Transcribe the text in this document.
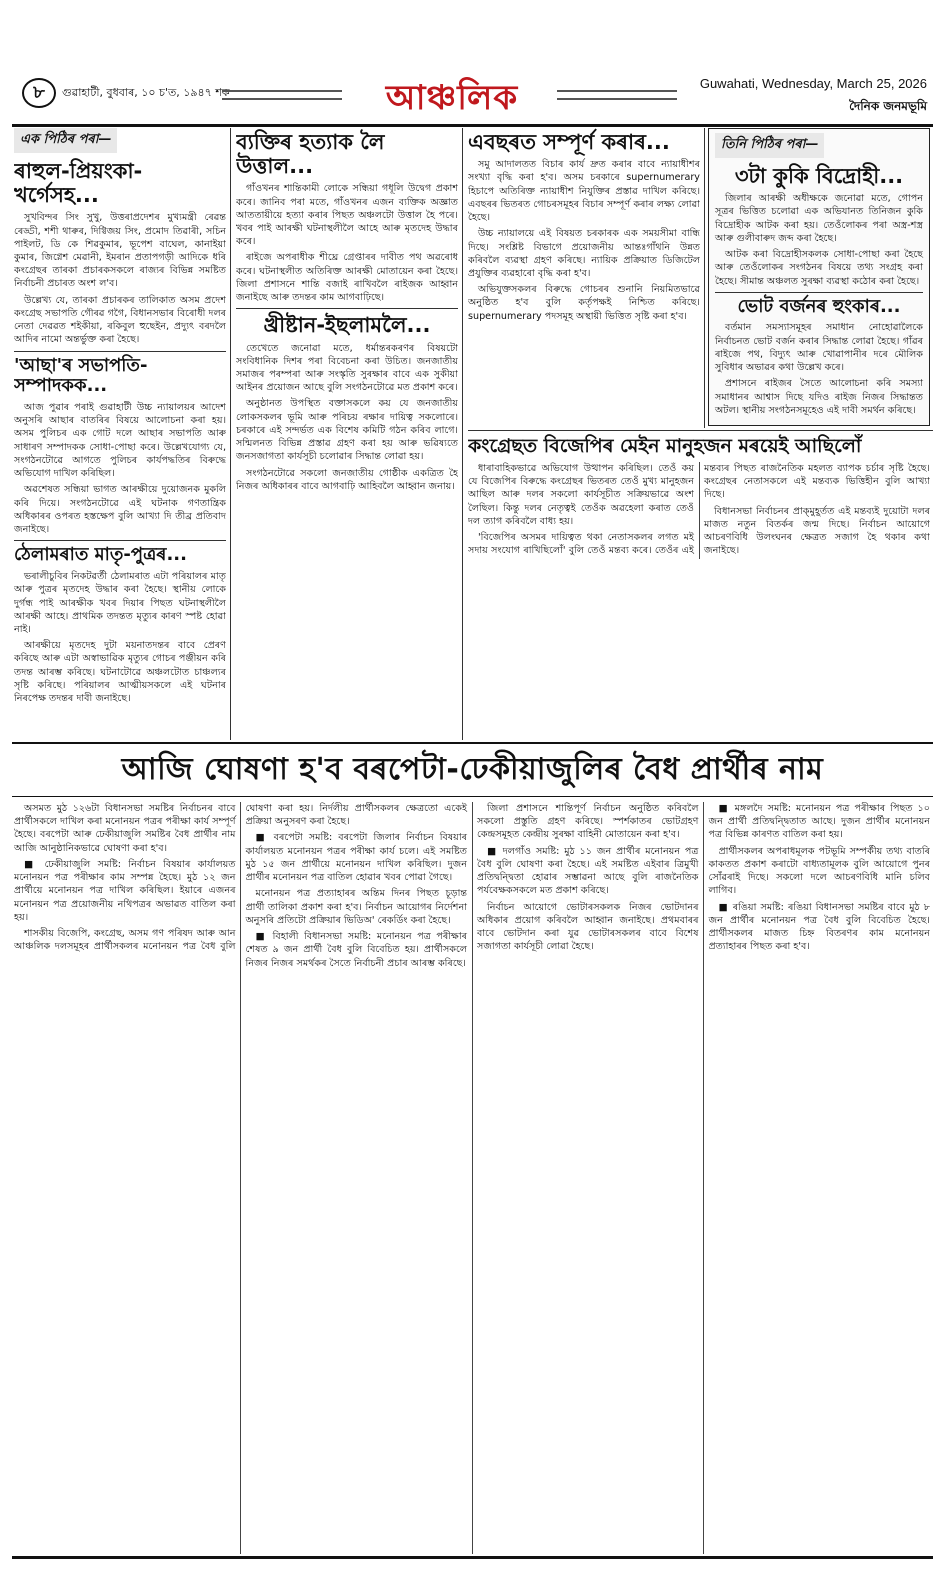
৮	গুৱাহাটী, বুধবাৰ, ১০ চ'ত, ১৯৪৭ শক	আঞ্চলিক	Guwahati, Wednesday, March 25, 2026
দৈনিক জনমভূমি
এক পিঠিৰ পৰা—
ৰাহুল-প্ৰিয়ংকা-খৰ্গেসহ...

সুখবিন্দৰ সিং সুখু, উত্তৰাপ্ৰদেশৰ মুখ্যমন্ত্ৰী ৰেৱন্ত ৰেড্ডী, শশী থাৰুৰ, দিগ্বিজয় সিং, প্ৰমোদ তিৱাৰী, সচিন পাইলট, ডি কে শিৱকুমাৰ, ভূপেশ বাঘেল, কানাইয়া কুমাৰ, জিগ্নেশ মেৱানী, ইমৰান প্ৰতাপগড়ী আদিকে ধৰি কংগ্ৰেছৰ তাৰকা প্ৰচাৰকসকলে ৰাজ্যৰ বিভিন্ন সমষ্টিত নিৰ্বাচনী প্ৰচাৰত অংশ ল'ব।

উল্লেখ্য যে, তাৰকা প্ৰচাৰকৰ তালিকাত অসম প্ৰদেশ কংগ্ৰেছ সভাপতি গৌৰৱ গগৈ, বিধানসভাৰ বিৰোধী দলৰ নেতা দেৱৱত শইকীয়া, ৰকিবুল হুছেইন, প্ৰদ্যুৎ বৰদলৈ আদিৰ নামো অন্তৰ্ভুক্ত কৰা হৈছে।

'আছা'ৰ সভাপতি-সম্পাদকক...

আজ পুৱাৰ পৰাই গুৱাহাটী উচ্চ ন্যায়ালয়ৰ আদেশ অনুসৰি আছাৰ বাতৰিৰ বিষয়ে আলোচনা কৰা হয়। অসম পুলিচৰ এক গোট দলে আছাৰ সভাপতি আৰু সাধাৰণ সম্পাদকক সোধা-পোছা কৰে। উল্লেখযোগ্য যে, সংগঠনটোৱে আগতে পুলিচৰ কাৰ্যপদ্ধতিৰ বিৰুদ্ধে অভিযোগ দাখিল কৰিছিল।

অৱশেষত সন্ধিয়া ভাগত আৰক্ষীয়ে দুয়োজনক মুকলি কৰি দিয়ে। সংগঠনটোৱে এই ঘটনাক গণতান্ত্ৰিক অধিকাৰৰ ওপৰত হস্তক্ষেপ বুলি আখ্যা দি তীব্ৰ প্ৰতিবাদ জনাইছে।

ঠেলামৰাত মাতৃ-পুত্ৰৰ...

ভৰালীচুবিৰ নিকটৱৰ্তী ঠেলামৰাত এটা পৰিয়ালৰ মাতৃ আৰু পুত্ৰৰ মৃতদেহ উদ্ধাৰ কৰা হৈছে। স্থানীয় লোকে দুৰ্গন্ধ পাই আৰক্ষীক খবৰ দিয়াৰ পিছত ঘটনাস্থলীলৈ আৰক্ষী আহে। প্ৰাথমিক তদন্তত মৃত্যুৰ কাৰণ স্পষ্ট হোৱা নাই।

আৰক্ষীয়ে মৃতদেহ দুটা ময়নাতদন্তৰ বাবে প্ৰেৰণ কৰিছে আৰু এটা অস্বাভাৱিক মৃত্যুৰ গোচৰ পঞ্জীয়ন কৰি তদন্ত আৰম্ভ কৰিছে। ঘটনাটোৱে অঞ্চলটোত চাঞ্চল্যৰ সৃষ্টি কৰিছে। পৰিয়ালৰ আত্মীয়সকলে এই ঘটনাৰ নিৰপেক্ষ তদন্তৰ দাবী জনাইছে।

ব্যক্তিৰ হত্যাক লৈ উত্তাল...

গাঁওখনৰ শান্তিকামী লোকে সন্ধিয়া গধূলি উদ্বেগ প্ৰকাশ কৰে। জানিব পৰা মতে, গাঁওখনৰ এজন ব্যক্তিক অজ্ঞাত আততায়ীয়ে হত্যা কৰাৰ পিছত অঞ্চলটো উত্তাল হৈ পৰে। খবৰ পাই আৰক্ষী ঘটনাস্থলীলৈ আহে আৰু মৃতদেহ উদ্ধাৰ কৰে।

ৰাইজে অপৰাধীক শীঘ্ৰে গ্ৰেপ্তাৰৰ দাবীত পথ অৱৰোধ কৰে। ঘটনাস্থলীত অতিৰিক্ত আৰক্ষী মোতায়েন কৰা হৈছে। জিলা প্ৰশাসনে শান্তি বজাই ৰাখিবলৈ ৰাইজক আহ্বান জনাইছে আৰু তদন্তৰ কাম আগবাঢ়িছে।

খ্ৰীষ্টান-ইছলামলৈ...

তেখেতে জনোৱা মতে, ধৰ্মান্তৰকৰণৰ বিষয়টো সংবিধানিক দিশৰ পৰা বিবেচনা কৰা উচিত। জনজাতীয় সমাজৰ পৰম্পৰা আৰু সংস্কৃতি সুৰক্ষাৰ বাবে এক সুকীয়া আইনৰ প্ৰয়োজন আছে বুলি সংগঠনটোৱে মত প্ৰকাশ কৰে।

অনুষ্ঠানত উপস্থিত বক্তাসকলে কয় যে জনজাতীয় লোকসকলৰ ভূমি আৰু পৰিচয় ৰক্ষাৰ দায়িত্ব সকলোৰে। চৰকাৰে এই সন্দৰ্ভত এক বিশেষ কমিটি গঠন কৰিব লাগে। সন্মিলনত বিভিন্ন প্ৰস্তাৱ গ্ৰহণ কৰা হয় আৰু ভৱিষ্যতে জনসজাগতা কাৰ্যসূচী চলোৱাৰ সিদ্ধান্ত লোৱা হয়।

সংগঠনটোৱে সকলো জনজাতীয় গোষ্ঠীক একত্ৰিত হৈ নিজৰ অধিকাৰৰ বাবে আগবাঢ়ি আহিবলৈ আহ্বান জনায়।

এবছৰত সম্পূৰ্ণ কৰাৰ...

সমু আদালতত বিচাৰ কাৰ্য দ্ৰুত কৰাৰ বাবে ন্যায়াধীশৰ সংখ্যা বৃদ্ধি কৰা হ'ব। অসম চৰকাৰে supernumerary হিচাপে অতিৰিক্ত ন্যায়াধীশ নিযুক্তিৰ প্ৰস্তাৱ দাখিল কৰিছে। এবছৰৰ ভিতৰত গোচৰসমূহৰ বিচাৰ সম্পূৰ্ণ কৰাৰ লক্ষ্য লোৱা হৈছে।

উচ্চ ন্যায়ালয়ে এই বিষয়ত চৰকাৰক এক সময়সীমা বান্ধি দিছে। সংশ্লিষ্ট বিভাগে প্ৰয়োজনীয় আন্তঃগাঁথনি উন্নত কৰিবলৈ ব্যৱস্থা গ্ৰহণ কৰিছে। ন্যায়িক প্ৰক্ৰিয়াত ডিজিটেল প্ৰযুক্তিৰ ব্যৱহাৰো বৃদ্ধি কৰা হ'ব।

অভিযুক্তসকলৰ বিৰুদ্ধে গোচৰৰ শুনানি নিয়মিতভাৱে অনুষ্ঠিত হ'ব বুলি কৰ্তৃপক্ষই নিশ্চিত কৰিছে। supernumerary পদসমূহ অস্থায়ী ভিত্তিত সৃষ্টি কৰা হ'ব।

তিনি পিঠিৰ পৰা—
৩টা কুকি বিদ্ৰোহী...

জিলাৰ আৰক্ষী অধীক্ষকে জনোৱা মতে, গোপন সূত্ৰৰ ভিত্তিত চলোৱা এক অভিযানত তিনিজন কুকি বিদ্ৰোহীক আটক কৰা হয়। তেওঁলোকৰ পৰা অস্ত্ৰ-শস্ত্ৰ আৰু গুলীবাৰুদ জব্দ কৰা হৈছে।

আটক কৰা বিদ্ৰোহীসকলক সোধা-পোছা কৰা হৈছে আৰু তেওঁলোকৰ সংগঠনৰ বিষয়ে তথ্য সংগ্ৰহ কৰা হৈছে। সীমান্ত অঞ্চলত সুৰক্ষা ব্যৱস্থা কঠোৰ কৰা হৈছে।

ভোট বৰ্জনৰ হুংকাৰ...

বৰ্তমান সমস্যাসমূহৰ সমাধান নোহোৱালৈকে নিৰ্বাচনত ভোট বৰ্জন কৰাৰ সিদ্ধান্ত লোৱা হৈছে। গাঁৱৰ ৰাইজে পথ, বিদ্যুৎ আৰু খোৱাপানীৰ দৰে মৌলিক সুবিধাৰ অভাৱৰ কথা উল্লেখ কৰে।

প্ৰশাসনে ৰাইজৰ সৈতে আলোচনা কৰি সমস্যা সমাধানৰ আশ্বাস দিছে যদিও ৰাইজ নিজৰ সিদ্ধান্তত অটল। স্থানীয় সংগঠনসমূহেও এই দাবী সমৰ্থন কৰিছে।

কংগ্ৰেছত বিজেপিৰ মেইন মানুহজন মৰয়েই আছিলোঁ

ধাৰাবাহিকভাৱে অভিযোগ উত্থাপন কৰিছিল। তেওঁ কয় যে বিজেপিৰ বিৰুদ্ধে কংগ্ৰেছৰ ভিতৰত তেওঁ মুখ্য মানুহজন আছিল আৰু দলৰ সকলো কাৰ্যসূচীত সক্ৰিয়ভাৱে অংশ লৈছিল। কিন্তু দলৰ নেতৃত্বই তেওঁক অৱহেলা কৰাত তেওঁ দল ত্যাগ কৰিবলৈ বাধ্য হয়।

'বিজেপিৰ অসমৰ দায়িত্বত থকা নেতাসকলৰ লগত মই সদায় সংযোগ ৰাখিছিলোঁ' বুলি তেওঁ মন্তব্য কৰে। তেওঁৰ এই মন্তব্যৰ পিছত ৰাজনৈতিক মহলত ব্যাপক চৰ্চাৰ সৃষ্টি হৈছে। কংগ্ৰেছৰ নেতাসকলে এই মন্তব্যক ভিত্তিহীন বুলি আখ্যা দিছে।

বিধানসভা নিৰ্বাচনৰ প্ৰাক্‌মুহূৰ্তত এই মন্তব্যই দুয়োটা দলৰ মাজত নতুন বিতৰ্কৰ জন্ম দিছে। নিৰ্বাচন আয়োগে আচৰণবিধি উলংঘনৰ ক্ষেত্ৰত সজাগ হৈ থকাৰ কথা জনাইছে।

আজি ঘোষণা হ'ব বৰপেটা-ঢেকীয়াজুলিৰ বৈধ প্ৰাৰ্থীৰ নাম

অসমত মুঠ ১২৬টা বিধানসভা সমষ্টিৰ নিৰ্বাচনৰ বাবে প্ৰাৰ্থীসকলে দাখিল কৰা মনোনয়ন পত্ৰৰ পৰীক্ষা কাৰ্য সম্পূৰ্ণ হৈছে। বৰপেটা আৰু ঢেকীয়াজুলি সমষ্টিৰ বৈধ প্ৰাৰ্থীৰ নাম আজি আনুষ্ঠানিকভাৱে ঘোষণা কৰা হ'ব।

■ ঢেকীয়াজুলি সমষ্টি: নিৰ্বাচন বিষয়াৰ কাৰ্যালয়ত মনোনয়ন পত্ৰ পৰীক্ষাৰ কাম সম্পন্ন হৈছে। মুঠ ১২ জন প্ৰাৰ্থীয়ে মনোনয়ন পত্ৰ দাখিল কৰিছিল। ইয়াৰে এজনৰ মনোনয়ন পত্ৰ প্ৰয়োজনীয় নথিপত্ৰৰ অভাৱত বাতিল কৰা হয়।

শাসকীয় বিজেপি, কংগ্ৰেছ, অসম গণ পৰিষদ আৰু আন আঞ্চলিক দলসমূহৰ প্ৰাৰ্থীসকলৰ মনোনয়ন পত্ৰ বৈধ বুলি ঘোষণা কৰা হয়। নিৰ্দলীয় প্ৰাৰ্থীসকলৰ ক্ষেত্ৰতো একেই প্ৰক্ৰিয়া অনুসৰণ কৰা হৈছে।

■ বৰপেটা সমষ্টি: বৰপেটা জিলাৰ নিৰ্বাচন বিষয়াৰ কাৰ্যালয়ত মনোনয়ন পত্ৰৰ পৰীক্ষা কাৰ্য চলে। এই সমষ্টিত মুঠ ১৫ জন প্ৰাৰ্থীয়ে মনোনয়ন দাখিল কৰিছিল। দুজন প্ৰাৰ্থীৰ মনোনয়ন পত্ৰ বাতিল হোৱাৰ খবৰ পোৱা গৈছে।

মনোনয়ন পত্ৰ প্ৰত্যাহাৰৰ অন্তিম দিনৰ পিছত চূড়ান্ত প্ৰাৰ্থী তালিকা প্ৰকাশ কৰা হ'ব। নিৰ্বাচন আয়োগৰ নিৰ্দেশনা অনুসৰি প্ৰতিটো প্ৰক্ৰিয়াৰ ভিডিঅ' ৰেকৰ্ডিং কৰা হৈছে।

■ বিহালী বিধানসভা সমষ্টি: মনোনয়ন পত্ৰ পৰীক্ষাৰ শেষত ৯ জন প্ৰাৰ্থী বৈধ বুলি বিবেচিত হয়। প্ৰাৰ্থীসকলে নিজৰ নিজৰ সমৰ্থকৰ সৈতে নিৰ্বাচনী প্ৰচাৰ আৰম্ভ কৰিছে।

জিলা প্ৰশাসনে শান্তিপূৰ্ণ নিৰ্বাচন অনুষ্ঠিত কৰিবলৈ সকলো প্ৰস্তুতি গ্ৰহণ কৰিছে। স্পৰ্শকাতৰ ভোটগ্ৰহণ কেন্দ্ৰসমূহত কেন্দ্ৰীয় সুৰক্ষা বাহিনী মোতায়েন কৰা হ'ব।

■ দলগাঁও সমষ্টি: মুঠ ১১ জন প্ৰাৰ্থীৰ মনোনয়ন পত্ৰ বৈধ বুলি ঘোষণা কৰা হৈছে। এই সমষ্টিত এইবাৰ ত্ৰিমুখী প্ৰতিদ্বন্দ্বিতা হোৱাৰ সম্ভাৱনা আছে বুলি ৰাজনৈতিক পৰ্যবেক্ষকসকলে মত প্ৰকাশ কৰিছে।

নিৰ্বাচন আয়োগে ভোটাৰসকলক নিজৰ ভোটদানৰ অধিকাৰ প্ৰয়োগ কৰিবলৈ আহ্বান জনাইছে। প্ৰথমবাৰৰ বাবে ভোটদান কৰা যুৱ ভোটাৰসকলৰ বাবে বিশেষ সজাগতা কাৰ্যসূচী লোৱা হৈছে।

■ মঙ্গলদৈ সমষ্টি: মনোনয়ন পত্ৰ পৰীক্ষাৰ পিছত ১০ জন প্ৰাৰ্থী প্ৰতিদ্বন্দ্বিতাত আছে। দুজন প্ৰাৰ্থীৰ মনোনয়ন পত্ৰ বিভিন্ন কাৰণত বাতিল কৰা হয়।

প্ৰাৰ্থীসকলৰ অপৰাধমূলক পটভূমি সম্পৰ্কীয় তথ্য বাতৰি কাকতত প্ৰকাশ কৰাটো বাধ্যতামূলক বুলি আয়োগে পুনৰ সোঁৱৰাই দিছে। সকলো দলে আচৰণবিধি মানি চলিব লাগিব।

■ ৰঙিয়া সমষ্টি: ৰঙিয়া বিধানসভা সমষ্টিৰ বাবে মুঠ ৮ জন প্ৰাৰ্থীৰ মনোনয়ন পত্ৰ বৈধ বুলি বিবেচিত হৈছে। প্ৰাৰ্থীসকলৰ মাজত চিহ্ন বিতৰণৰ কাম মনোনয়ন প্ৰত্যাহাৰৰ পিছত কৰা হ'ব।
